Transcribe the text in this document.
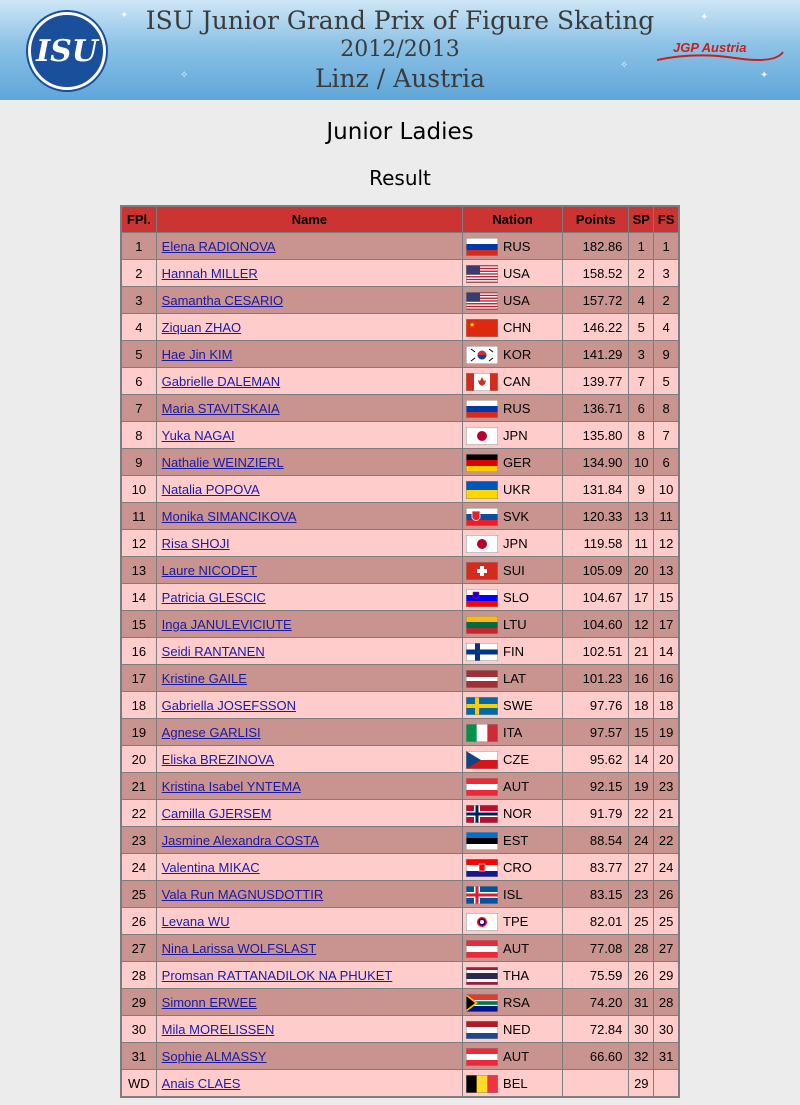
✦	✦
✦
✧
✧
ISU
ISU Junior Grand Prix of Figure Skating
2012/2013
Linz / Austria
JGP Austria
Junior Ladies
Result
FPl.	Name	Nation		Points	SP	FS
1	Elena RADIONOVA		RUS	182.86	1	1
2	Hannah MILLER		USA	158.52	2	3
3	Samantha CESARIO		USA	157.72	4	2
4	Ziquan ZHAO	★	CHN	146.22	5	4
5	Hae Jin KIM		KOR	141.29	3	9
6	Gabrielle DALEMAN		CAN	139.77	7	5
7	Maria STAVITSKAIA		RUS	136.71	6	8
8	Yuka NAGAI		JPN	135.80	8	7
9	Nathalie WEINZIERL		GER	134.90	10	6
10	Natalia POPOVA		UKR	131.84	9	10
11	Monika SIMANCIKOVA		SVK	120.33	13	11
12	Risa SHOJI		JPN	119.58	11	12
13	Laure NICODET		SUI	105.09	20	13
14	Patricia GLESCIC		SLO	104.67	17	15
15	Inga JANULEVICIUTE		LTU	104.60	12	17
16	Seidi RANTANEN		FIN	102.51	21	14
17	Kristine GAILE		LAT	101.23	16	16
18	Gabriella JOSEFSSON		SWE	97.76	18	18
19	Agnese GARLISI		ITA	97.57	15	19
20	Eliska BREZINOVA		CZE	95.62	14	20
21	Kristina Isabel YNTEMA		AUT	92.15	19	23
22	Camilla GJERSEM		NOR	91.79	22	21
23	Jasmine Alexandra COSTA		EST	88.54	24	22
24	Valentina MIKAC		CRO	83.77	27	24
25	Vala Run MAGNUSDOTTIR		ISL	83.15	23	26
26	Levana WU		TPE	82.01	25	25
27	Nina Larissa WOLFSLAST		AUT	77.08	28	27
28	Promsan RATTANADILOK NA PHUKET		THA	75.59	26	29
29	Simonn ERWEE		RSA	74.20	31	28
30	Mila MORELISSEN		NED	72.84	30	30
31	Sophie ALMASSY		AUT	66.60	32	31
WD	Anais CLAES		BEL		29	
